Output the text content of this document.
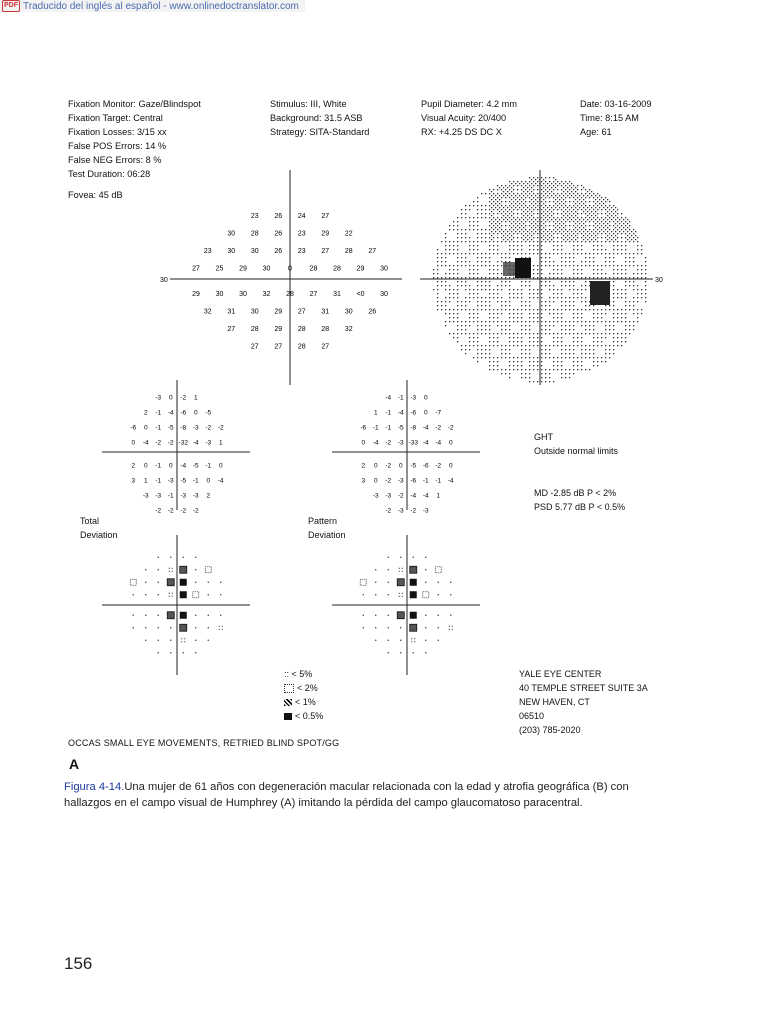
PDF Traducido del inglés al español - www.onlinedoctranslator.com
Fixation Monitor: Gaze/Blindspot
Fixation Target: Central
Fixation Losses: 3/15 xx
False POS Errors: 14 %
False NEG Errors: 8 %
Test Duration: 06:28
Fovea: 45 dB
Stimulus: III, White
Background: 31.5 ASB
Strategy: SITA-Standard
Pupil Diameter: 4.2 mm
Visual Acuity: 20/400
RX: +4.25 DS DC X
Date: 03-16-2009
Time: 8:15 AM
Age: 61
30
23 26 24 27
30 28 26 23 29 22
23 30 30 26 23 27 28 27
27 25 29 30	0	28 28 29 30
29 30 30 32 28 27 31 <0 30
32 31 30 29 27 31 30 26
27 28 29 28 28 32
27 27 28 27
30
-3 0 -2 1
2 -1 -4 -6 0 -5
-6 0 -1 -5 -8 -3 -2 -2
0 -4 -2 -2 -32 -4 -3 1
2 0 -1 0 -4 -5 -1 0
3 1 -1 -3 -5 -1 0 -4
-3 -3 -1 -3 -3 2
-2 -2 -2 -2
-4 -1 -3 0
1 -1 -4 -6 0 -7
-6 -1 -1 -5 -8 -4 -2 -2
0 -4 -2 -3 -33 -4 -4 0
2 0 -2 0 -5 -6 -2 0
3 0 -2 -3 -6 -1 -1 -4
-3 -3 -2 -4 -4 1
-2 -3 -2 -3
GHT
Outside normal limits
MD -2.85 dB P < 2%
PSD 5.77 dB P < 0.5%
Total
Deviation
Pattern
Deviation
:: < 5%
< 2%
< 1%
< 0.5%
YALE EYE CENTER
40 TEMPLE STREET SUITE 3A
NEW HAVEN, CT
06510
(203) 785-2020
OCCAS SMALL EYE MOVEMENTS, RETRIED BLIND SPOT/GG
A
Figura 4-14.Una mujer de 61 años con degeneración macular relacionada con la edad y atrofia geográfica (B) con hallazgos en el campo visual de Humphrey (A) imitando la pérdida del campo glaucomatoso paracentral.
156
